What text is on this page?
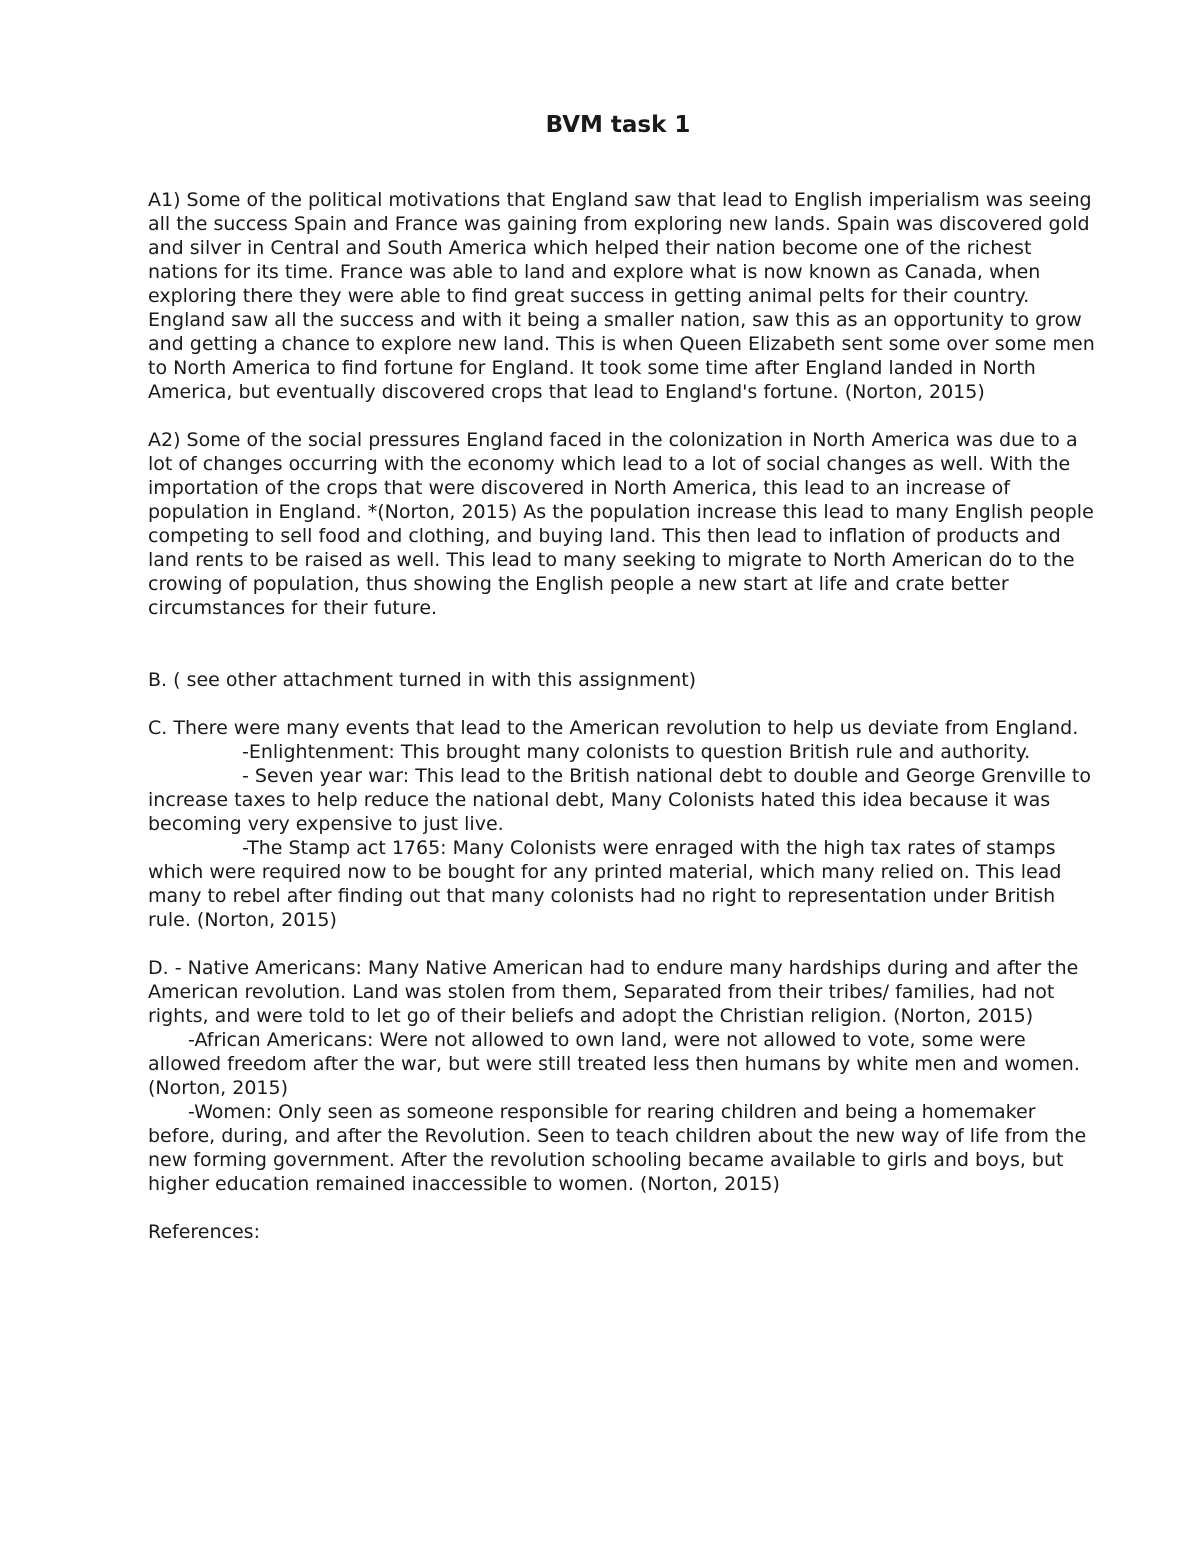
BVM task 1

A1) Some of the political motivations that England saw that lead to English imperialism was seeing all the success Spain and France was gaining from exploring new lands. Spain was discovered gold and silver in Central and South America which helped their nation become one of the richest nations for its time. France was able to land and explore what is now known as Canada, when exploring there they were able to find great success in getting animal pelts for their country. England saw all the success and with it being a smaller nation, saw this as an opportunity to grow and getting a chance to explore new land. This is when Queen Elizabeth sent some over some men to North America to find fortune for England. It took some time after England landed in North America, but eventually discovered crops that lead to England's fortune. (Norton, 2015)

A2) Some of the social pressures England faced in the colonization in North America was due to a lot of changes occurring with the economy which lead to a lot of social changes as well. With the importation of the crops that were discovered in North America, this lead to an increase of population in England. *(Norton, 2015) As the population increase this lead to many English people competing to sell food and clothing, and buying land. This then lead to inflation of products and land rents to be raised as well. This lead to many seeking to migrate to North American do to the crowing of population, thus showing the English people a new start at life and crate better circumstances for their future.

B. ( see other attachment turned in with this assignment)

C. There were many events that lead to the American revolution to help us deviate from England.

-Enlightenment: This brought many colonists to question British rule and authority.

- Seven year war: This lead to the British national debt to double and George Grenville to increase taxes to help reduce the national debt, Many Colonists hated this idea because it was becoming very expensive to just live.

-The Stamp act 1765: Many Colonists were enraged with the high tax rates of stamps which were required now to be bought for any printed material, which many relied on. This lead many to rebel after finding out that many colonists had no right to representation under British rule. (Norton, 2015)

D. - Native Americans: Many Native American had to endure many hardships during and after the American revolution. Land was stolen from them, Separated from their tribes/ families, had not rights, and were told to let go of their beliefs and adopt the Christian religion. (Norton, 2015)

-African Americans: Were not allowed to own land, were not allowed to vote, some were allowed freedom after the war, but were still treated less then humans by white men and women. (Norton, 2015)

-Women: Only seen as someone responsible for rearing children and being a homemaker before, during, and after the Revolution. Seen to teach children about the new way of life from the new forming government. After the revolution schooling became available to girls and boys, but higher education remained inaccessible to women. (Norton, 2015)

References:
